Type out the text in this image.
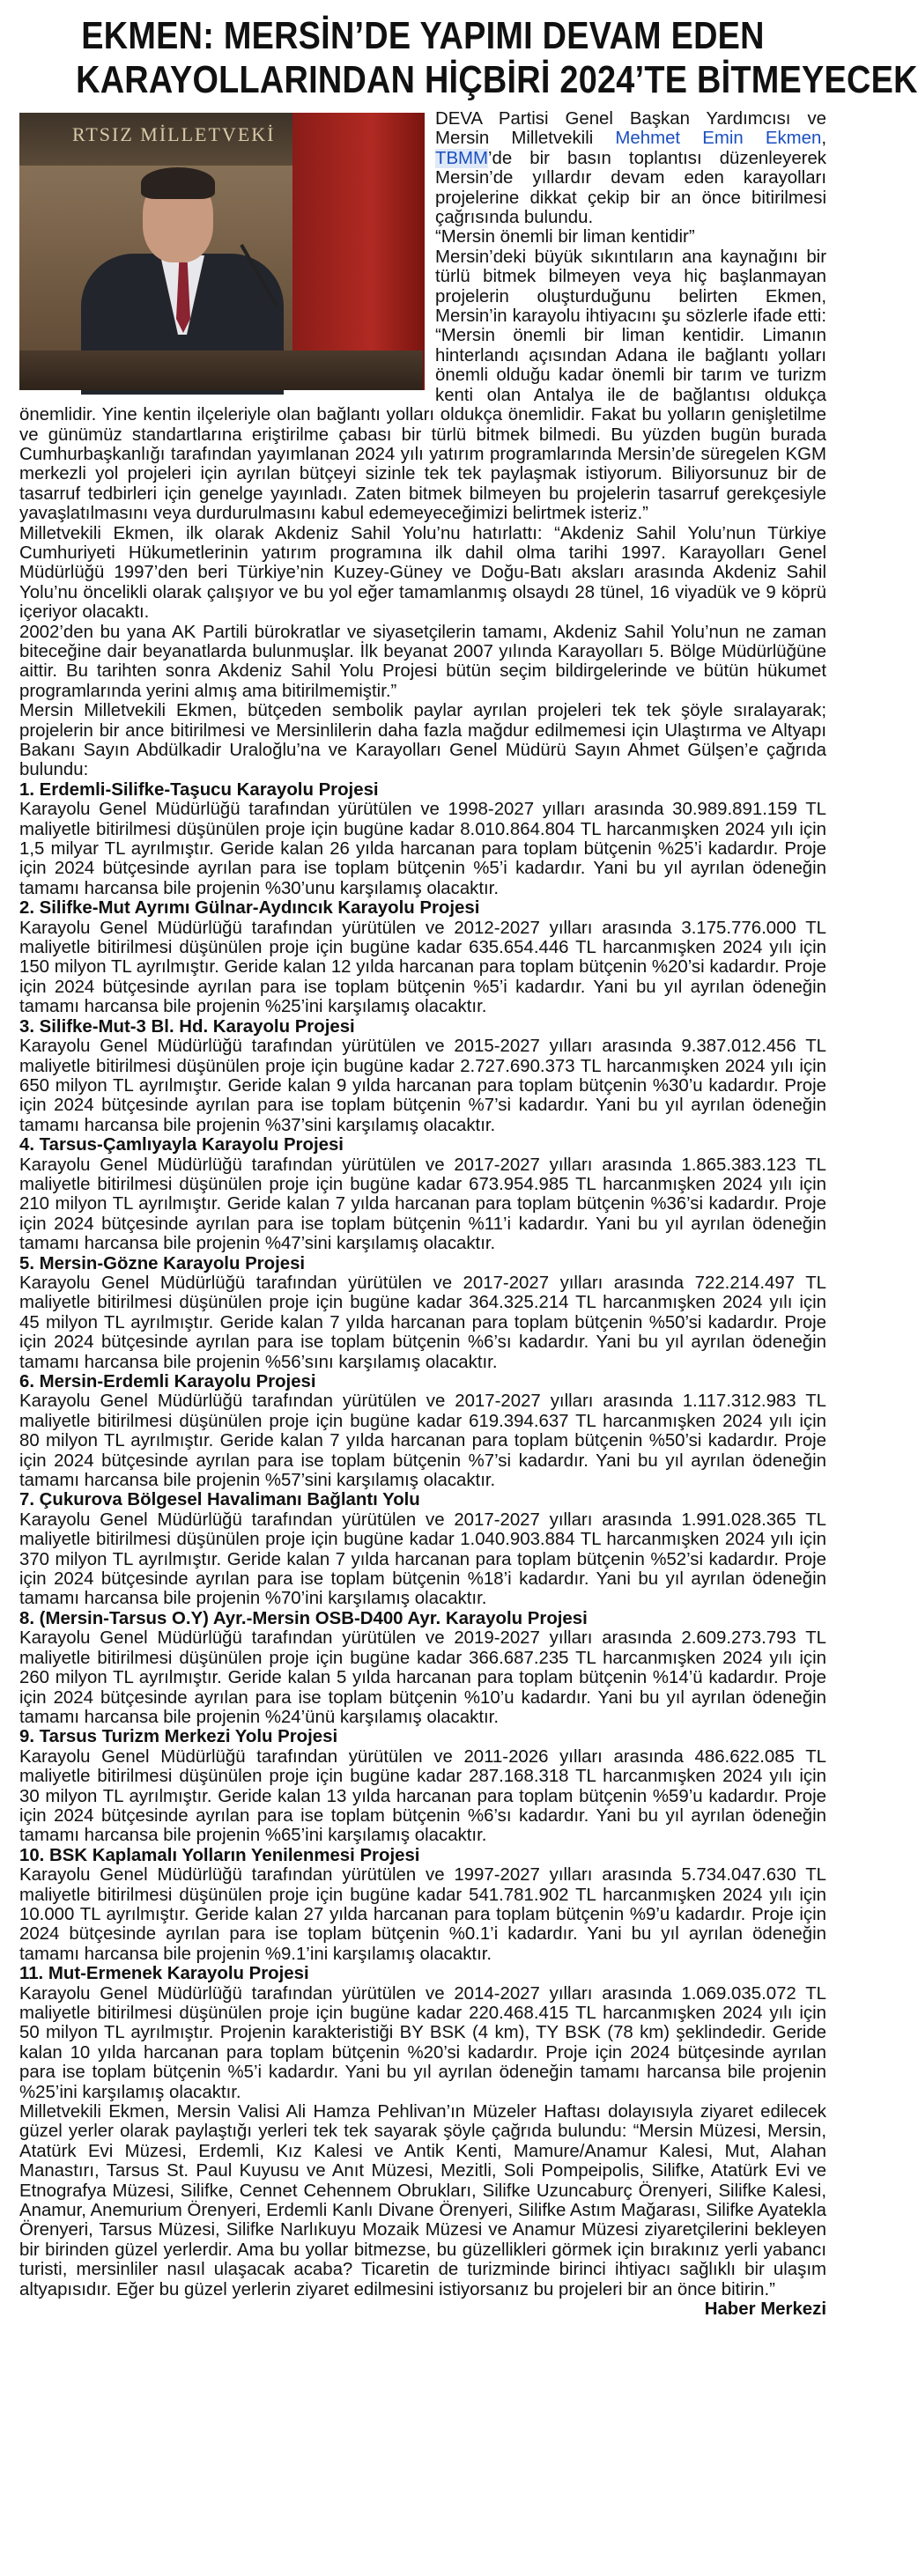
EKMEN: MERSİN’DE YAPIMI DEVAM EDEN
KARAYOLLARINDAN HİÇBİRİ 2024’TE BİTMEYECEK
RTSIZ MİLLETVEKİ

DEVA Partisi Genel Başkan Yardımcısı ve Mersin Milletvekili Mehmet Emin Ekmen, TBMM’de bir basın toplantısı düzenleyerek Mersin’de yıllardır devam eden karayolları projelerine dikkat çekip bir an önce bitirilmesi çağrısında bulundu.

“Mersin önemli bir liman kentidir”

Mersin’deki büyük sıkıntıların ana kaynağını bir türlü bitmek bilmeyen veya hiç başlanmayan projelerin oluşturduğunu belirten Ekmen, Mersin’in karayolu ihtiyacını şu sözlerle ifade etti: “Mersin önemli bir liman kentidir. Limanın hinterlandı açısından Adana ile bağlantı yolları önemli olduğu kadar önemli bir tarım ve turizm kenti olan Antalya ile de bağlantısı oldukça önemlidir. Yine kentin ilçeleriyle olan bağlantı yolları oldukça önemlidir. Fakat bu yolların genişletilme ve günümüz standartlarına eriştirilme çabası bir türlü bitmek bilmedi. Bu yüzden bugün burada Cumhurbaşkanlığı tarafından yayımlanan 2024 yılı yatırım programlarında Mersin’de süregelen KGM merkezli yol projeleri için ayrılan bütçeyi sizinle tek tek paylaşmak istiyorum. Biliyorsunuz bir de tasarruf tedbirleri için genelge yayınladı. Zaten bitmek bilmeyen bu projelerin tasarruf gerekçesiyle yavaşlatılmasını veya durdurulmasını kabul edemeyeceğimizi belirtmek isteriz.”

Milletvekili Ekmen, ilk olarak Akdeniz Sahil Yolu’nu hatırlattı: “Akdeniz Sahil Yolu’nun Türkiye Cumhuriyeti Hükumetlerinin yatırım programına ilk dahil olma tarihi 1997. Karayolları Genel Müdürlüğü 1997’den beri Türkiye’nin Kuzey-Güney ve Doğu-Batı aksları arasında Akdeniz Sahil Yolu’nu öncelikli olarak çalışıyor ve bu yol eğer tamamlanmış olsaydı 28 tünel, 16 viyadük ve 9 köprü içeriyor olacaktı.

2002’den bu yana AK Partili bürokratlar ve siyasetçilerin tamamı, Akdeniz Sahil Yolu’nun ne zaman biteceğine dair beyanatlarda bulunmuşlar. İlk beyanat 2007 yılında Karayolları 5. Bölge Müdürlüğüne aittir. Bu tarihten sonra Akdeniz Sahil Yolu Projesi bütün seçim bildirgelerinde ve bütün hükumet programlarında yerini almış ama bitirilmemiştir.”

Mersin Milletvekili Ekmen, bütçeden sembolik paylar ayrılan projeleri tek tek şöyle sıralayarak; projelerin bir ance bitirilmesi ve Mersinlilerin daha fazla mağdur edilmemesi için Ulaştırma ve Altyapı Bakanı Sayın Abdülkadir Uraloğlu’na ve Karayolları Genel Müdürü Sayın Ahmet Gülşen’e çağrıda bulundu:

1. Erdemli-Silifke-Taşucu Karayolu Projesi

Karayolu Genel Müdürlüğü tarafından yürütülen ve 1998-2027 yılları arasında 30.989.891.159 TL maliyetle bitirilmesi düşünülen proje için bugüne kadar 8.010.864.804 TL harcanmışken 2024 yılı için 1,5 milyar TL ayrılmıştır. Geride kalan 26 yılda harcanan para toplam bütçenin %25’i kadardır. Proje için 2024 bütçesinde ayrılan para ise toplam bütçenin %5’i kadardır. Yani bu yıl ayrılan ödeneğin tamamı harcansa bile projenin %30’unu karşılamış olacaktır.

2. Silifke-Mut Ayrımı Gülnar-Aydıncık Karayolu Projesi

Karayolu Genel Müdürlüğü tarafından yürütülen ve 2012-2027 yılları arasında 3.175.776.000 TL maliyetle bitirilmesi düşünülen proje için bugüne kadar 635.654.446 TL harcanmışken 2024 yılı için 150 milyon TL ayrılmıştır. Geride kalan 12 yılda harcanan para toplam bütçenin %20’si kadardır. Proje için 2024 bütçesinde ayrılan para ise toplam bütçenin %5’i kadardır. Yani bu yıl ayrılan ödeneğin tamamı harcansa bile projenin %25’ini karşılamış olacaktır.

3. Silifke-Mut-3 Bl. Hd. Karayolu Projesi

Karayolu Genel Müdürlüğü tarafından yürütülen ve 2015-2027 yılları arasında 9.387.012.456 TL maliyetle bitirilmesi düşünülen proje için bugüne kadar 2.727.690.373 TL harcanmışken 2024 yılı için 650 milyon TL ayrılmıştır. Geride kalan 9 yılda harcanan para toplam bütçenin %30’u kadardır. Proje için 2024 bütçesinde ayrılan para ise toplam bütçenin %7’si kadardır. Yani bu yıl ayrılan ödeneğin tamamı harcansa bile projenin %37’sini karşılamış olacaktır.

4. Tarsus-Çamlıyayla Karayolu Projesi

Karayolu Genel Müdürlüğü tarafından yürütülen ve 2017-2027 yılları arasında 1.865.383.123 TL maliyetle bitirilmesi düşünülen proje için bugüne kadar 673.954.985 TL harcanmışken 2024 yılı için 210 milyon TL ayrılmıştır. Geride kalan 7 yılda harcanan para toplam bütçenin %36’si kadardır. Proje için 2024 bütçesinde ayrılan para ise toplam bütçenin %11’i kadardır. Yani bu yıl ayrılan ödeneğin tamamı harcansa bile projenin %47’sini karşılamış olacaktır.

5. Mersin-Gözne Karayolu Projesi

Karayolu Genel Müdürlüğü tarafından yürütülen ve 2017-2027 yılları arasında 722.214.497 TL maliyetle bitirilmesi düşünülen proje için bugüne kadar 364.325.214 TL harcanmışken 2024 yılı için 45 milyon TL ayrılmıştır. Geride kalan 7 yılda harcanan para toplam bütçenin %50’si kadardır. Proje için 2024 bütçesinde ayrılan para ise toplam bütçenin %6’sı kadardır. Yani bu yıl ayrılan ödeneğin tamamı harcansa bile projenin %56’sını karşılamış olacaktır.

6. Mersin-Erdemli Karayolu Projesi

Karayolu Genel Müdürlüğü tarafından yürütülen ve 2017-2027 yılları arasında 1.117.312.983 TL maliyetle bitirilmesi düşünülen proje için bugüne kadar 619.394.637 TL harcanmışken 2024 yılı için 80 milyon TL ayrılmıştır. Geride kalan 7 yılda harcanan para toplam bütçenin %50’si kadardır. Proje için 2024 bütçesinde ayrılan para ise toplam bütçenin %7’si kadardır. Yani bu yıl ayrılan ödeneğin tamamı harcansa bile projenin %57’sini karşılamış olacaktır.

7. Çukurova Bölgesel Havalimanı Bağlantı Yolu

Karayolu Genel Müdürlüğü tarafından yürütülen ve 2017-2027 yılları arasında 1.991.028.365 TL maliyetle bitirilmesi düşünülen proje için bugüne kadar 1.040.903.884 TL harcanmışken 2024 yılı için 370 milyon TL ayrılmıştır. Geride kalan 7 yılda harcanan para toplam bütçenin %52’si kadardır. Proje için 2024 bütçesinde ayrılan para ise toplam bütçenin %18’i kadardır. Yani bu yıl ayrılan ödeneğin tamamı harcansa bile projenin %70’ini karşılamış olacaktır.

8. (Mersin-Tarsus O.Y) Ayr.-Mersin OSB-D400 Ayr. Karayolu Projesi

Karayolu Genel Müdürlüğü tarafından yürütülen ve 2019-2027 yılları arasında 2.609.273.793 TL maliyetle bitirilmesi düşünülen proje için bugüne kadar 366.687.235 TL harcanmışken 2024 yılı için 260 milyon TL ayrılmıştır. Geride kalan 5 yılda harcanan para toplam bütçenin %14’ü kadardır. Proje için 2024 bütçesinde ayrılan para ise toplam bütçenin %10’u kadardır. Yani bu yıl ayrılan ödeneğin tamamı harcansa bile projenin %24’ünü karşılamış olacaktır.

9. Tarsus Turizm Merkezi Yolu Projesi

Karayolu Genel Müdürlüğü tarafından yürütülen ve 2011-2026 yılları arasında 486.622.085 TL maliyetle bitirilmesi düşünülen proje için bugüne kadar 287.168.318 TL harcanmışken 2024 yılı için 30 milyon TL ayrılmıştır. Geride kalan 13 yılda harcanan para toplam bütçenin %59’u kadardır. Proje için 2024 bütçesinde ayrılan para ise toplam bütçenin %6’sı kadardır. Yani bu yıl ayrılan ödeneğin tamamı harcansa bile projenin %65’ini karşılamış olacaktır.

10. BSK Kaplamalı Yolların Yenilenmesi Projesi

Karayolu Genel Müdürlüğü tarafından yürütülen ve 1997-2027 yılları arasında 5.734.047.630 TL maliyetle bitirilmesi düşünülen proje için bugüne kadar 541.781.902 TL harcanmışken 2024 yılı için 10.000 TL ayrılmıştır. Geride kalan 27 yılda harcanan para toplam bütçenin %9’u kadardır. Proje için 2024 bütçesinde ayrılan para ise toplam bütçenin %0.1’i kadardır. Yani bu yıl ayrılan ödeneğin tamamı harcansa bile projenin %9.1’ini karşılamış olacaktır.

11. Mut-Ermenek Karayolu Projesi

Karayolu Genel Müdürlüğü tarafından yürütülen ve 2014-2027 yılları arasında 1.069.035.072 TL maliyetle bitirilmesi düşünülen proje için bugüne kadar 220.468.415 TL harcanmışken 2024 yılı için 50 milyon TL ayrılmıştır. Projenin karakteristiği BY BSK (4 km), TY BSK (78 km) şeklindedir. Geride kalan 10 yılda harcanan para toplam bütçenin %20’si kadardır. Proje için 2024 bütçesinde ayrılan para ise toplam bütçenin %5’i kadardır. Yani bu yıl ayrılan ödeneğin tamamı harcansa bile projenin %25’ini karşılamış olacaktır.

Milletvekili Ekmen, Mersin Valisi Ali Hamza Pehlivan’ın Müzeler Haftası dolayısıyla ziyaret edilecek güzel yerler olarak paylaştığı yerleri tek tek sayarak şöyle çağrıda bulundu: “Mersin Müzesi, Mersin, Atatürk Evi Müzesi, Erdemli, Kız Kalesi ve Antik Kenti, Mamure/Anamur Kalesi, Mut, Alahan Manastırı, Tarsus St. Paul Kuyusu ve Anıt Müzesi, Mezitli, Soli Pompeipolis, Silifke, Atatürk Evi ve Etnografya Müzesi, Silifke, Cennet Cehennem Obrukları, Silifke Uzuncaburç Örenyeri, Silifke Kalesi, Anamur, Anemurium Örenyeri, Erdemli Kanlı Divane Örenyeri, Silifke Astım Mağarası, Silifke Ayatekla Örenyeri, Tarsus Müzesi, Silifke Narlıkuyu Mozaik Müzesi ve Anamur Müzesi ziyaretçilerini bekleyen bir birinden güzel yerlerdir. Ama bu yollar bitmezse, bu güzellikleri görmek için bırakınız yerli yabancı turisti, mersinliler nasıl ulaşacak acaba? Ticaretin de turizminde birinci ihtiyacı sağlıklı bir ulaşım altyapısıdır. Eğer bu güzel yerlerin ziyaret edilmesini istiyorsanız bu projeleri bir an önce bitirin.”

Haber Merkezi
